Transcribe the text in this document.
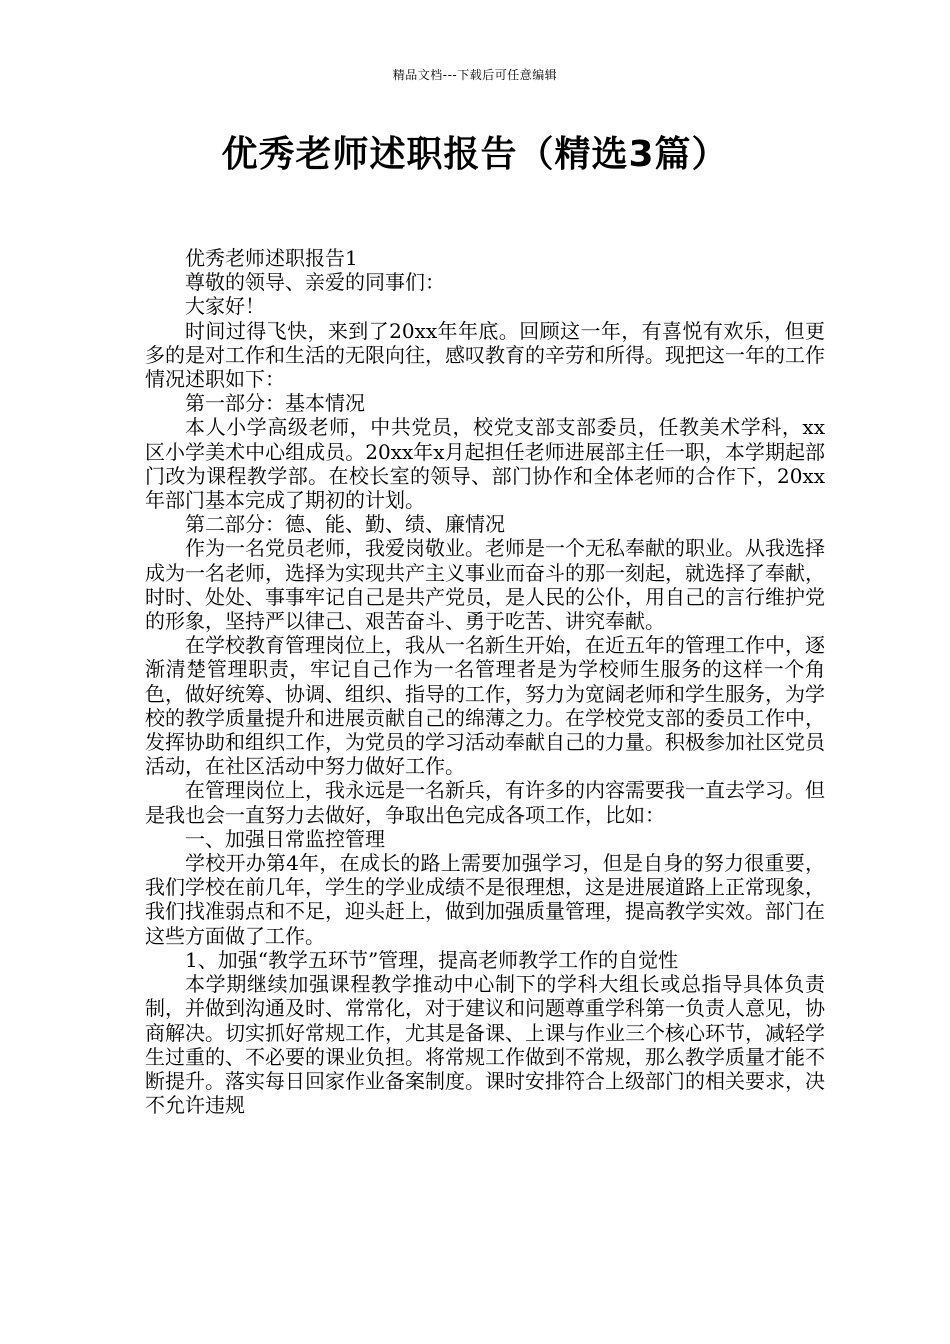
精品文档---下载后可任意编辑
优秀老师述职报告（精选3篇）

优秀老师述职报告1

尊敬的领导、亲爱的同事们：

大家好！

时间过得飞快，来到了20xx年年底。回顾这一年，有喜悦有欢乐，但更多的是对工作和生活的无限向往，感叹教育的辛劳和所得。现把这一年的工作情况述职如下：

第一部分：基本情况

本人小学高级老师，中共党员，校党支部支部委员，任教美术学科，xx区小学美术中心组成员。20xx年x月起担任老师进展部主任一职，本学期起部门改为课程教学部。在校长室的领导、部门协作和全体老师的合作下，20xx年部门基本完成了期初的计划。

第二部分：德、能、勤、绩、廉情况

作为一名党员老师，我爱岗敬业。老师是一个无私奉献的职业。从我选择成为一名老师，选择为实现共产主义事业而奋斗的那一刻起，就选择了奉献，时时、处处、事事牢记自己是共产党员，是人民的公仆，用自己的言行维护党的形象，坚持严以律己、艰苦奋斗、勇于吃苦、讲究奉献。

在学校教育管理岗位上，我从一名新生开始，在近五年的管理工作中，逐渐清楚管理职责，牢记自己作为一名管理者是为学校师生服务的这样一个角色，做好统筹、协调、组织、指导的工作，努力为宽阔老师和学生服务，为学校的教学质量提升和进展贡献自己的绵薄之力。在学校党支部的委员工作中，发挥协助和组织工作，为党员的学习活动奉献自己的力量。积极参加社区党员活动，在社区活动中努力做好工作。

在管理岗位上，我永远是一名新兵，有许多的内容需要我一直去学习。但是我也会一直努力去做好，争取出色完成各项工作，比如：

一、加强日常监控管理

学校开办第4年，在成长的路上需要加强学习，但是自身的努力很重要，我们学校在前几年，学生的学业成绩不是很理想，这是进展道路上正常现象，我们找准弱点和不足，迎头赶上，做到加强质量管理，提高教学实效。部门在这些方面做了工作。

1、加强“教学五环节”管理，提高老师教学工作的自觉性

本学期继续加强课程教学推动中心制下的学科大组长或总指导具体负责制，并做到沟通及时、常常化，对于建议和问题尊重学科第一负责人意见，协商解决。切实抓好常规工作，尤其是备课、上课与作业三个核心环节，减轻学生过重的、不必要的课业负担。将常规工作做到不常规，那么教学质量才能不断提升。落实每日回家作业备案制度。课时安排符合上级部门的相关要求，决不允许违规
